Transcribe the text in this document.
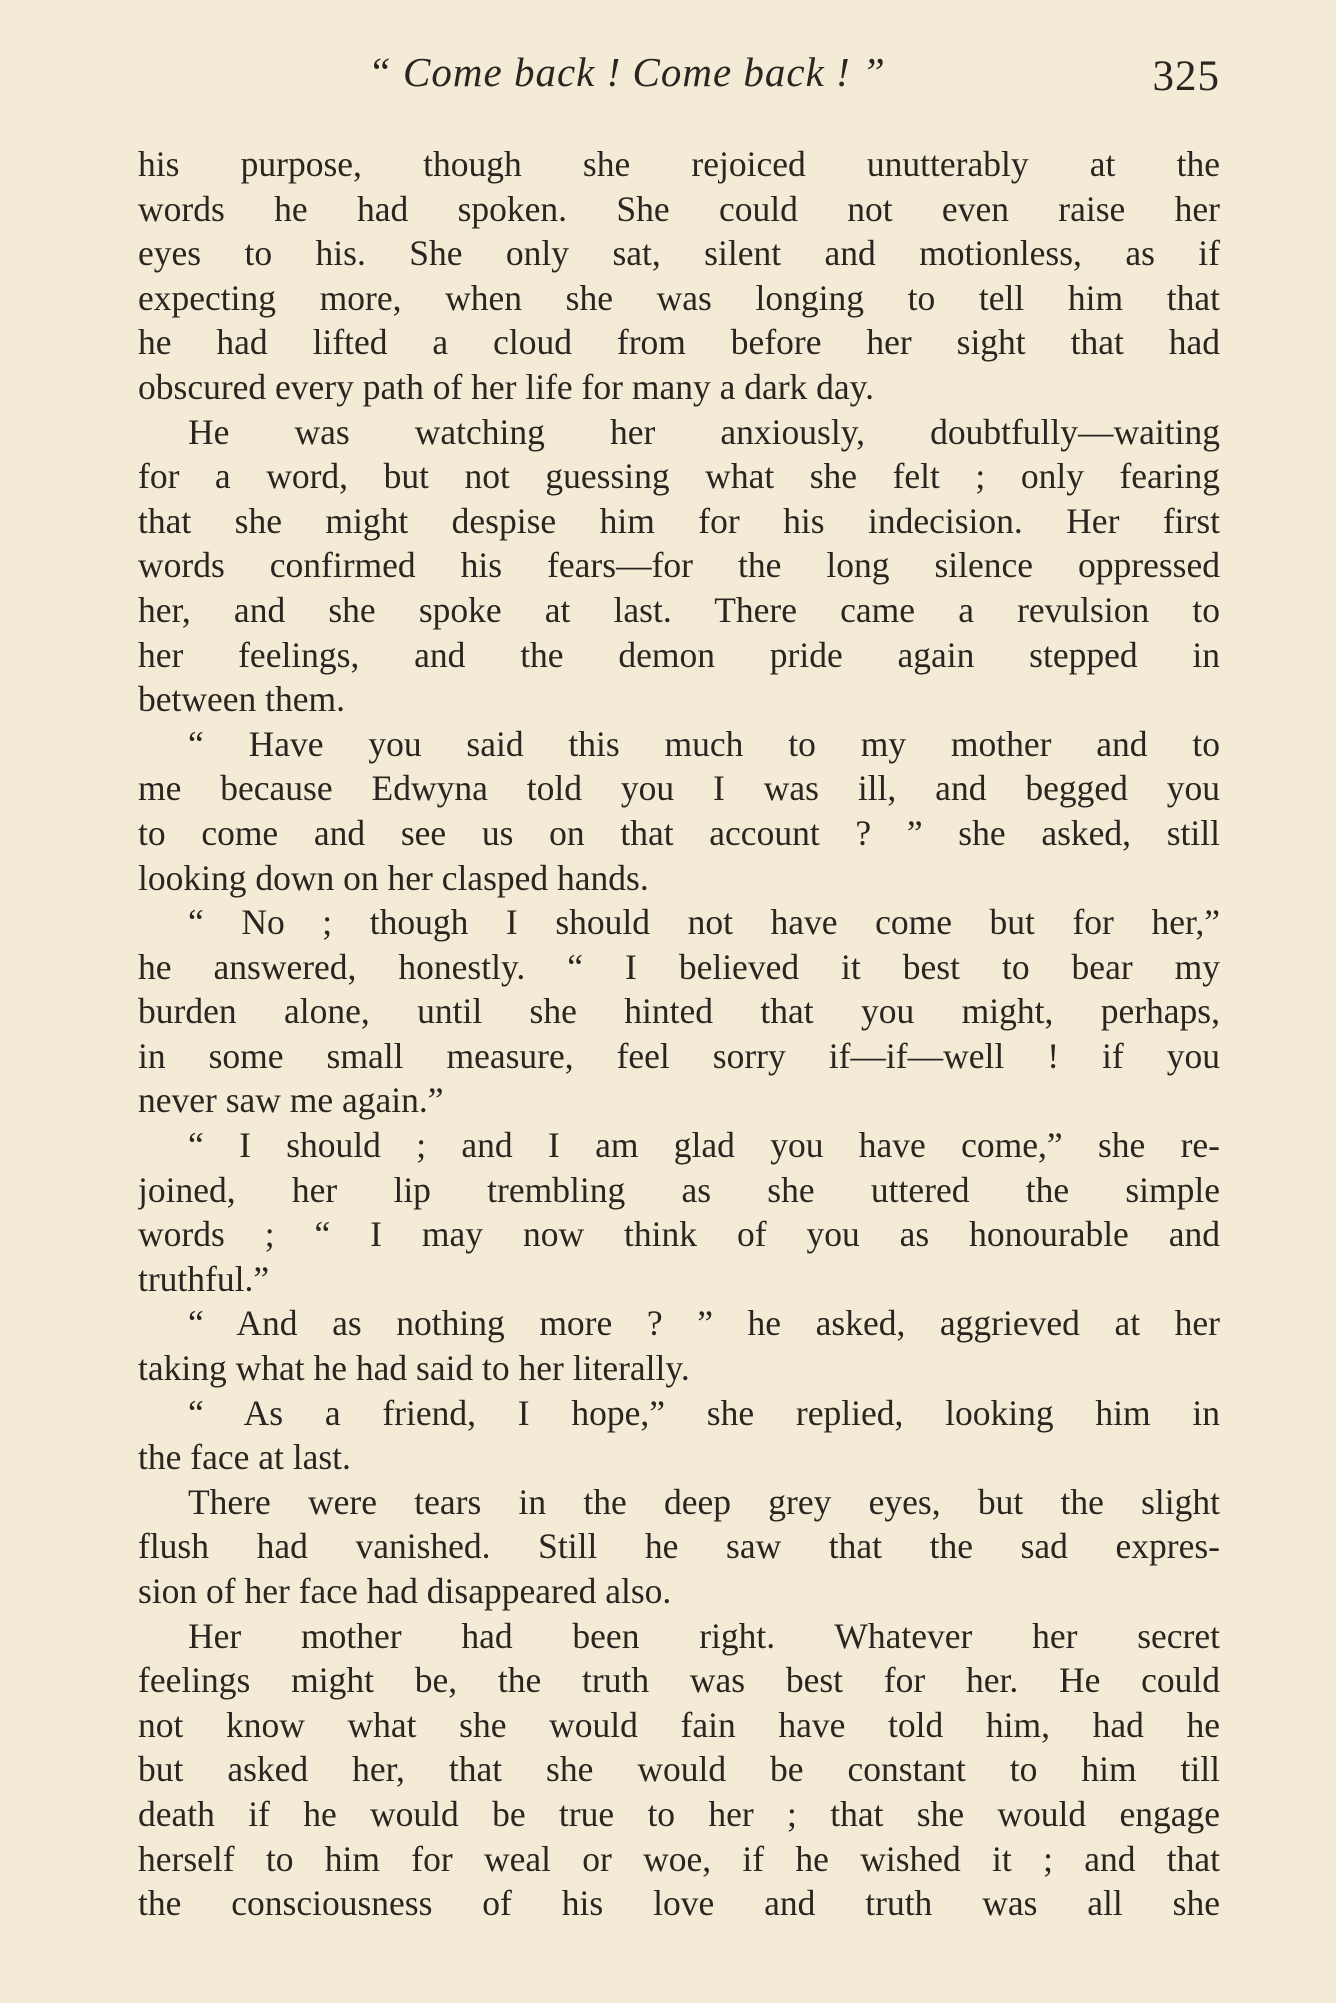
“ Come back ! Come back ! ”	325
his purpose, though she rejoiced unutterably at the
words he had spoken. She could not even raise her
eyes to his. She only sat, silent and motionless, as if
expecting more, when she was longing to tell him that
he had lifted a cloud from before her sight that had
obscured every path of her life for many a dark day.
He was watching her anxiously, doubtfully—waiting
for a word, but not guessing what she felt ; only fearing
that she might despise him for his indecision. Her first
words confirmed his fears—for the long silence oppressed
her, and she spoke at last. There came a revulsion to
her feelings, and the demon pride again stepped in
between them.
“ Have you said this much to my mother and to
me because Edwyna told you I was ill, and begged you
to come and see us on that account ? ” she asked, still
looking down on her clasped hands.
“ No ; though I should not have come but for her,”
he answered, honestly. “ I believed it best to bear my
burden alone, until she hinted that you might, perhaps,
in some small measure, feel sorry if—if—well ! if you
never saw me again.”
“ I should ; and I am glad you have come,” she re-
joined, her lip trembling as she uttered the simple
words ; “ I may now think of you as honourable and
truthful.”
“ And as nothing more ? ” he asked, aggrieved at her
taking what he had said to her literally.
“ As a friend, I hope,” she replied, looking him in
the face at last.
There were tears in the deep grey eyes, but the slight
flush had vanished. Still he saw that the sad expres-
sion of her face had disappeared also.
Her mother had been right. Whatever her secret
feelings might be, the truth was best for her. He could
not know what she would fain have told him, had he
but asked her, that she would be constant to him till
death if he would be true to her ; that she would engage
herself to him for weal or woe, if he wished it ; and that
the consciousness of his love and truth was all she
